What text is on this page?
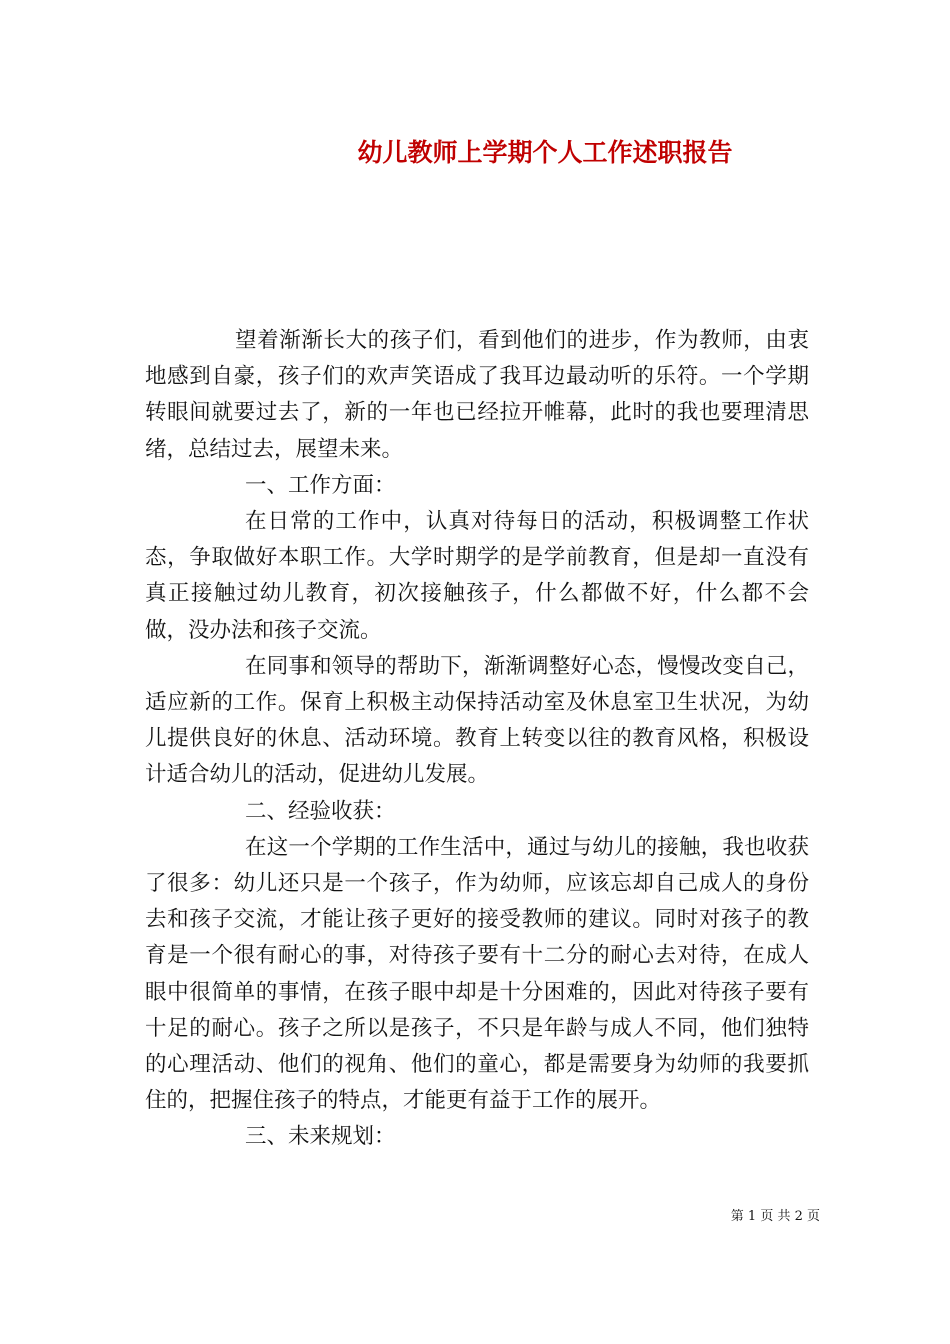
幼儿教师上学期个人工作述职报告

望着渐渐长大的孩子们，看到他们的进步，作为教师，由衷地感到自豪，孩子们的欢声笑语成了我耳边最动听的乐符。一个学期转眼间就要过去了，新的一年也已经拉开帷幕，此时的我也要理清思绪，总结过去，展望未来。

一、工作方面：

在日常的工作中，认真对待每日的活动，积极调整工作状态，争取做好本职工作。大学时期学的是学前教育，但是却一直没有真正接触过幼儿教育，初次接触孩子，什么都做不好，什么都不会做，没办法和孩子交流。

在同事和领导的帮助下，渐渐调整好心态，慢慢改变自己，适应新的工作。保育上积极主动保持活动室及休息室卫生状况，为幼儿提供良好的休息、活动环境。教育上转变以往的教育风格，积极设计适合幼儿的活动，促进幼儿发展。

二、经验收获：

在这一个学期的工作生活中，通过与幼儿的接触，我也收获了很多：幼儿还只是一个孩子，作为幼师，应该忘却自己成人的身份去和孩子交流，才能让孩子更好的接受教师的建议。同时对孩子的教育是一个很有耐心的事，对待孩子要有十二分的耐心去对待，在成人眼中很简单的事情，在孩子眼中却是十分困难的，因此对待孩子要有十足的耐心。孩子之所以是孩子，不只是年龄与成人不同，他们独特的心理活动、他们的视角、他们的童心，都是需要身为幼师的我要抓住的，把握住孩子的特点，才能更有益于工作的展开。

三、未来规划：

第 1 页 共 2 页
